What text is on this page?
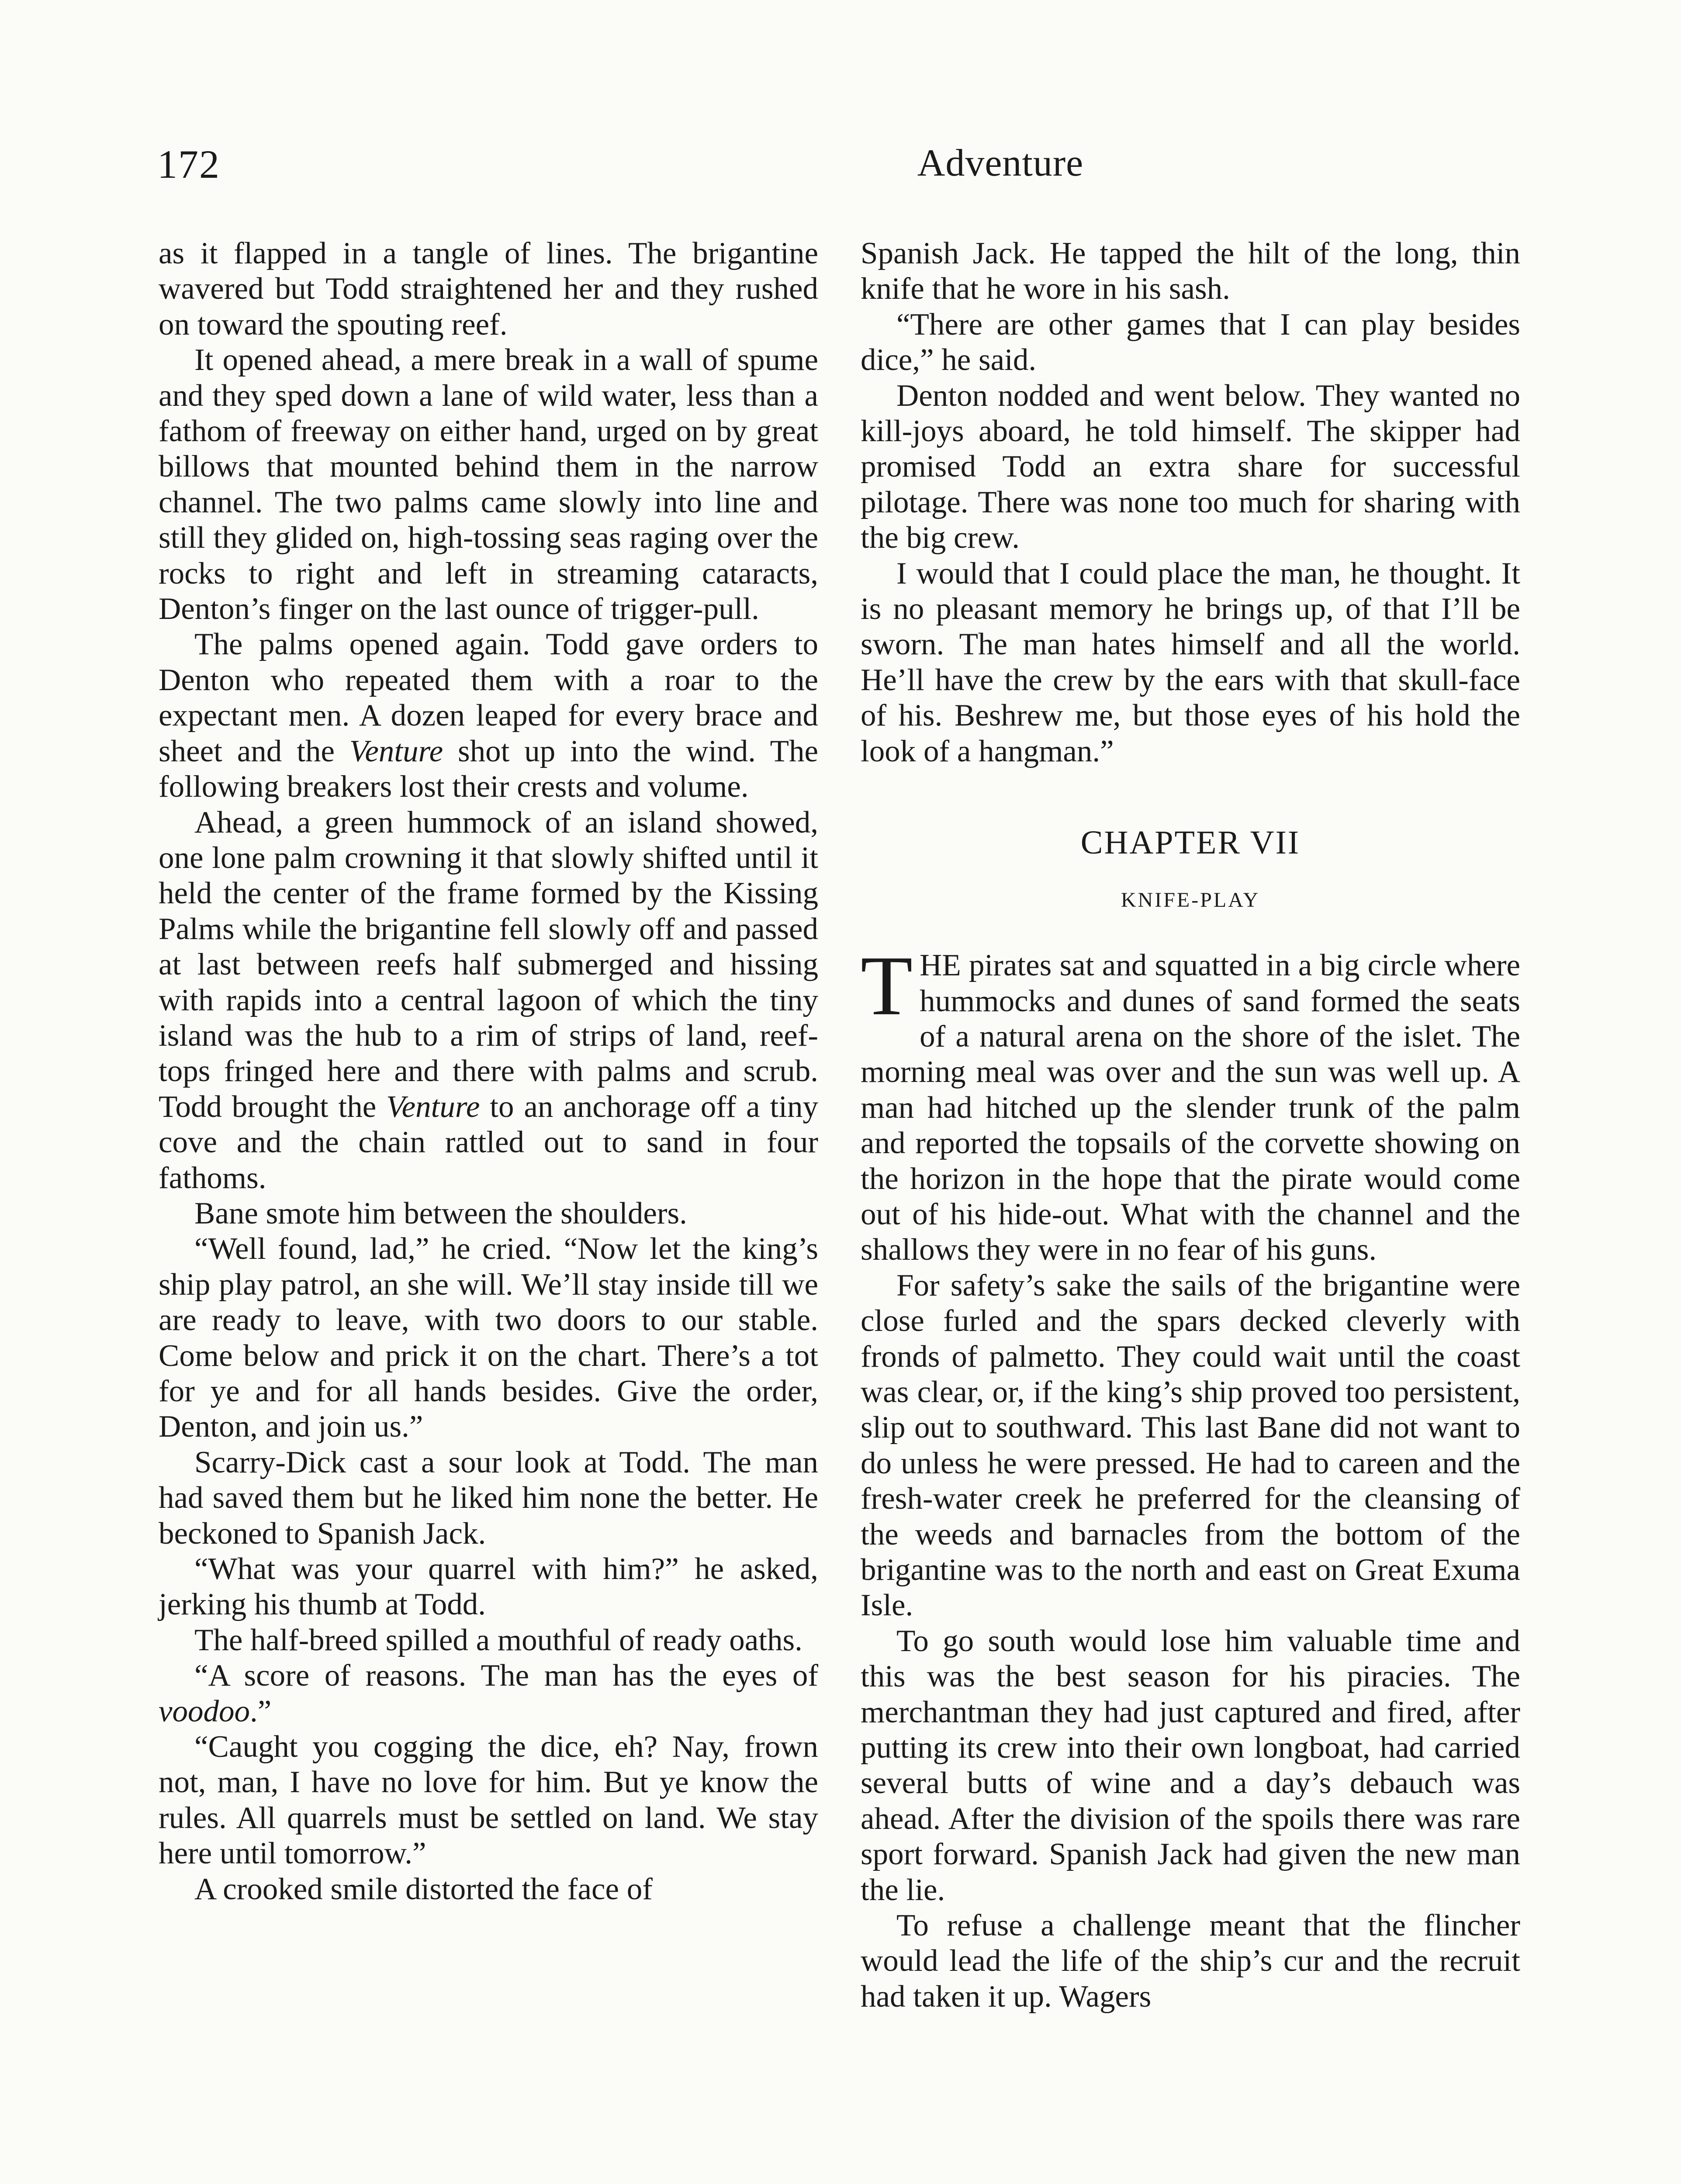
172	Adventure

as it flapped in a tangle of lines. The brigantine wavered but Todd straightened her and they rushed on toward the spouting reef.

It opened ahead, a mere break in a wall of spume and they sped down a lane of wild water, less than a fathom of freeway on either hand, urged on by great billows that mounted behind them in the narrow channel. The two palms came slowly into line and still they glided on, high-tossing seas raging over the rocks to right and left in streaming cataracts, Denton’s finger on the last ounce of trigger-pull.

The palms opened again. Todd gave orders to Denton who repeated them with a roar to the expectant men. A dozen leaped for every brace and sheet and the Venture shot up into the wind. The following breakers lost their crests and volume.

Ahead, a green hummock of an island showed, one lone palm crowning it that slowly shifted until it held the center of the frame formed by the Kissing Palms while the brigantine fell slowly off and passed at last between reefs half submerged and hissing with rapids into a central lagoon of which the tiny island was the hub to a rim of strips of land, reef-tops fringed here and there with palms and scrub. Todd brought the Venture to an anchorage off a tiny cove and the chain rattled out to sand in four fathoms.

Bane smote him between the shoulders.

“Well found, lad,” he cried. “Now let the king’s ship play patrol, an she will. We’ll stay inside till we are ready to leave, with two doors to our stable. Come below and prick it on the chart. There’s a tot for ye and for all hands besides. Give the order, Denton, and join us.”

Scarry-Dick cast a sour look at Todd. The man had saved them but he liked him none the better. He beckoned to Spanish Jack.

“What was your quarrel with him?” he asked, jerking his thumb at Todd.

The half-breed spilled a mouthful of ready oaths.

“A score of reasons. The man has the eyes of voodoo.”

“Caught you cogging the dice, eh? Nay, frown not, man, I have no love for him. But ye know the rules. All quarrels must be settled on land. We stay here until tomorrow.”

A crooked smile distorted the face of

Spanish Jack. He tapped the hilt of the long, thin knife that he wore in his sash.

“There are other games that I can play besides dice,” he said.

Denton nodded and went below. They wanted no kill-joys aboard, he told himself. The skipper had promised Todd an extra share for successful pilotage. There was none too much for sharing with the big crew.

I would that I could place the man, he thought. It is no pleasant memory he brings up, of that I’ll be sworn. The man hates himself and all the world. He’ll have the crew by the ears with that skull-face of his. Beshrew me, but those eyes of his hold the look of a hangman.”

CHAPTER VII
KNIFE-PLAY

THE pirates sat and squatted in a big circle where hummocks and dunes of sand formed the seats of a natural arena on the shore of the islet. The morning meal was over and the sun was well up. A man had hitched up the slender trunk of the palm and reported the topsails of the corvette showing on the horizon in the hope that the pirate would come out of his hide-out. What with the channel and the shallows they were in no fear of his guns.

For safety’s sake the sails of the brigantine were close furled and the spars decked cleverly with fronds of palmetto. They could wait until the coast was clear, or, if the king’s ship proved too persistent, slip out to southward. This last Bane did not want to do unless he were pressed. He had to careen and the fresh-water creek he preferred for the cleansing of the weeds and barnacles from the bottom of the brigantine was to the north and east on Great Exuma Isle.

To go south would lose him valuable time and this was the best season for his piracies. The merchantman they had just captured and fired, after putting its crew into their own longboat, had carried several butts of wine and a day’s debauch was ahead. After the division of the spoils there was rare sport forward. Spanish Jack had given the new man the lie.

To refuse a challenge meant that the flincher would lead the life of the ship’s cur and the recruit had taken it up. Wagers
